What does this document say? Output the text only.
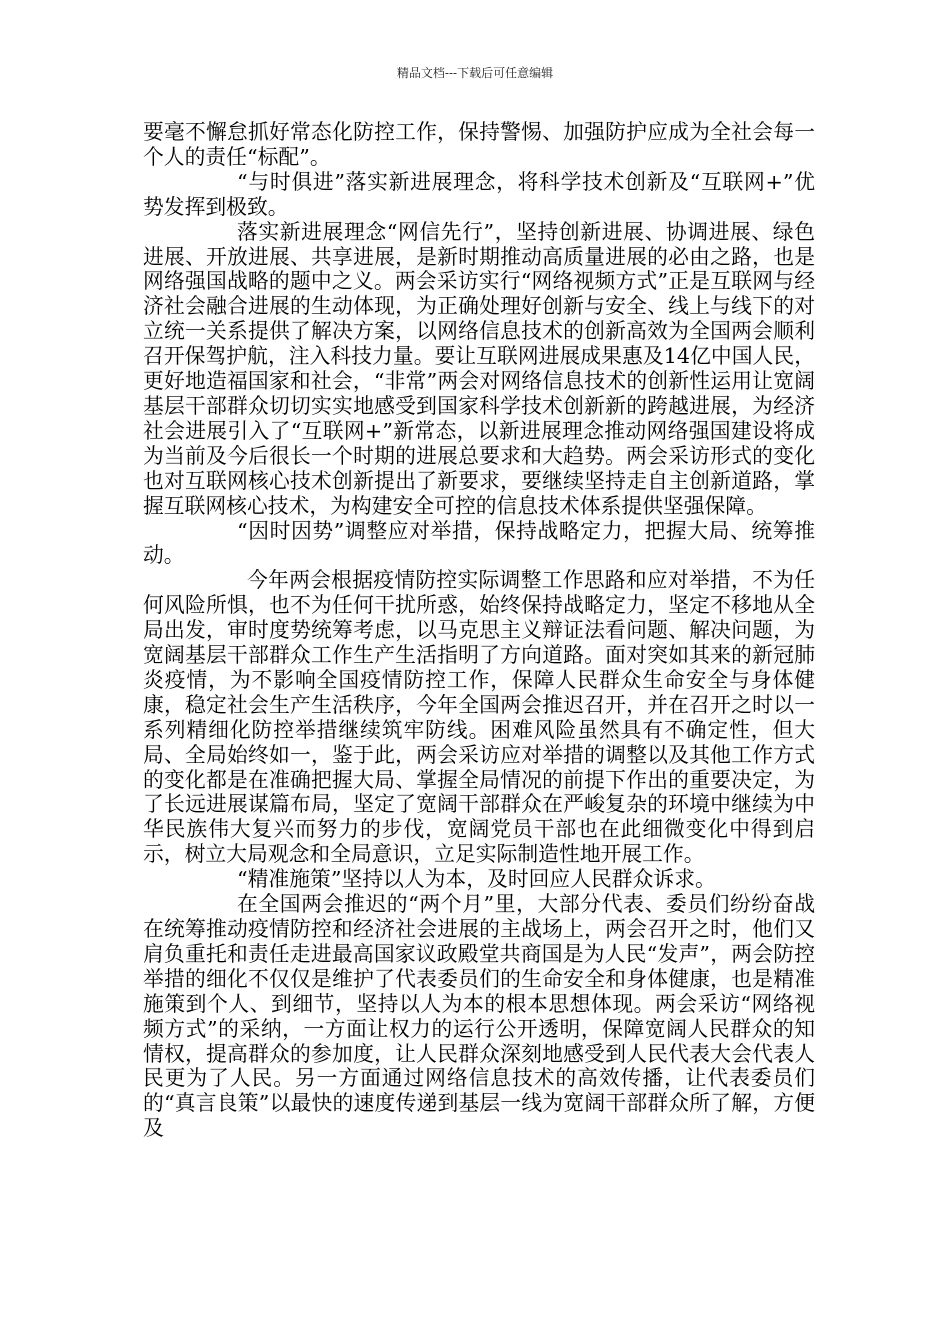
精品文档---下载后可任意编辑

要毫不懈怠抓好常态化防控工作，保持警惕、加强防护应成为全社会每一个人的责任“标配”。

“与时俱进”落实新进展理念，将科学技术创新及“互联网+”优势发挥到极致。

落实新进展理念“网信先行”，坚持创新进展、协调进展、绿色进展、开放进展、共享进展，是新时期推动高质量进展的必由之路，也是网络强国战略的题中之义。两会采访实行“网络视频方式”正是互联网与经济社会融合进展的生动体现，为正确处理好创新与安全、线上与线下的对立统一关系提供了解决方案，以网络信息技术的创新高效为全国两会顺利召开保驾护航，注入科技力量。要让互联网进展成果惠及14亿中国人民，更好地造福国家和社会，“非常”两会对网络信息技术的创新性运用让宽阔基层干部群众切切实实地感受到国家科学技术创新新的跨越进展，为经济社会进展引入了“互联网+”新常态，以新进展理念推动网络强国建设将成为当前及今后很长一个时期的进展总要求和大趋势。两会采访形式的变化也对互联网核心技术创新提出了新要求，要继续坚持走自主创新道路，掌握互联网核心技术，为构建安全可控的信息技术体系提供坚强保障。

“因时因势”调整应对举措，保持战略定力，把握大局、统筹推动。

今年两会根据疫情防控实际调整工作思路和应对举措，不为任何风险所惧，也不为任何干扰所惑，始终保持战略定力，坚定不移地从全局出发，审时度势统筹考虑，以马克思主义辩证法看问题、解决问题，为宽阔基层干部群众工作生产生活指明了方向道路。面对突如其来的新冠肺炎疫情，为不影响全国疫情防控工作，保障人民群众生命安全与身体健康，稳定社会生产生活秩序，今年全国两会推迟召开，并在召开之时以一系列精细化防控举措继续筑牢防线。困难风险虽然具有不确定性，但大局、全局始终如一，鉴于此，两会采访应对举措的调整以及其他工作方式的变化都是在准确把握大局、掌握全局情况的前提下作出的重要决定，为了长远进展谋篇布局，坚定了宽阔干部群众在严峻复杂的环境中继续为中华民族伟大复兴而努力的步伐，宽阔党员干部也在此细微变化中得到启示，树立大局观念和全局意识，立足实际制造性地开展工作。

“精准施策”坚持以人为本，及时回应人民群众诉求。

在全国两会推迟的“两个月”里，大部分代表、委员们纷纷奋战在统筹推动疫情防控和经济社会进展的主战场上，两会召开之时，他们又肩负重托和责任走进最高国家议政殿堂共商国是为人民“发声”，两会防控举措的细化不仅仅是维护了代表委员们的生命安全和身体健康，也是精准施策到个人、到细节，坚持以人为本的根本思想体现。两会采访“网络视频方式”的采纳，一方面让权力的运行公开透明，保障宽阔人民群众的知情权，提高群众的参加度，让人民群众深刻地感受到人民代表大会代表人民更为了人民。另一方面通过网络信息技术的高效传播，让代表委员们的“真言良策”以最快的速度传递到基层一线为宽阔干部群众所了解，方便及
